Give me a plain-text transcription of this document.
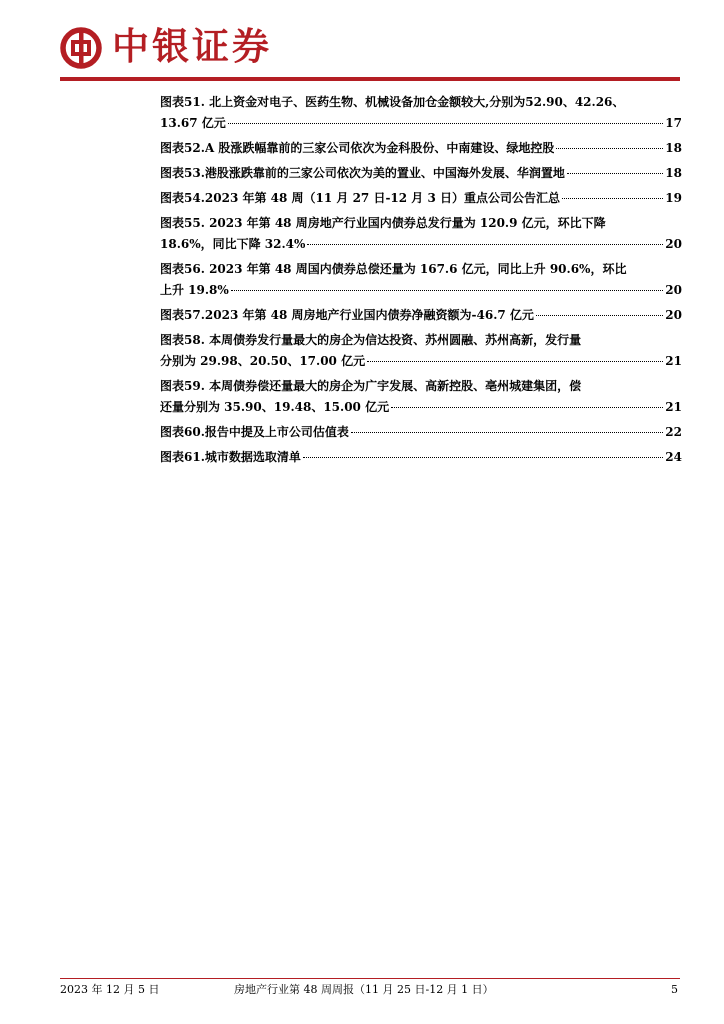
中银证券
图表51. 北上资金对电子、医药生物、机械设备加仓金额较大,分别为52.90、42.26、
13.67 亿元	17
图表52. A 股涨跌幅靠前的三家公司依次为金科股份、中南建设、绿地控股	18
图表53. 港股涨跌靠前的三家公司依次为美的置业、中国海外发展、华润置地	18
图表54. 2023 年第 48 周（11 月 27 日-12 月 3 日）重点公司公告汇总	19
图表55. 2023 年第 48 周房地产行业国内债券总发行量为 120.9 亿元，环比下降
18.6%，同比下降 32.4%	20
图表56. 2023 年第 48 周国内债券总偿还量为 167.6 亿元，同比上升 90.6%，环比
上升 19.8%	20
图表57. 2023 年第 48 周房地产行业国内债券净融资额为-46.7 亿元	20
图表58. 本周债券发行量最大的房企为信达投资、苏州圆融、苏州高新，发行量
分别为 29.98、20.50、17.00 亿元	21
图表59. 本周债券偿还量最大的房企为广宇发展、高新控股、亳州城建集团，偿
还量分别为 35.90、19.48、15.00 亿元	21
图表60. 报告中提及上市公司估值表	22
图表61. 城市数据选取清单	24
2023 年 12 月 5 日	房地产行业第 48 周周报（11 月 25 日-12 月 1 日）	5
